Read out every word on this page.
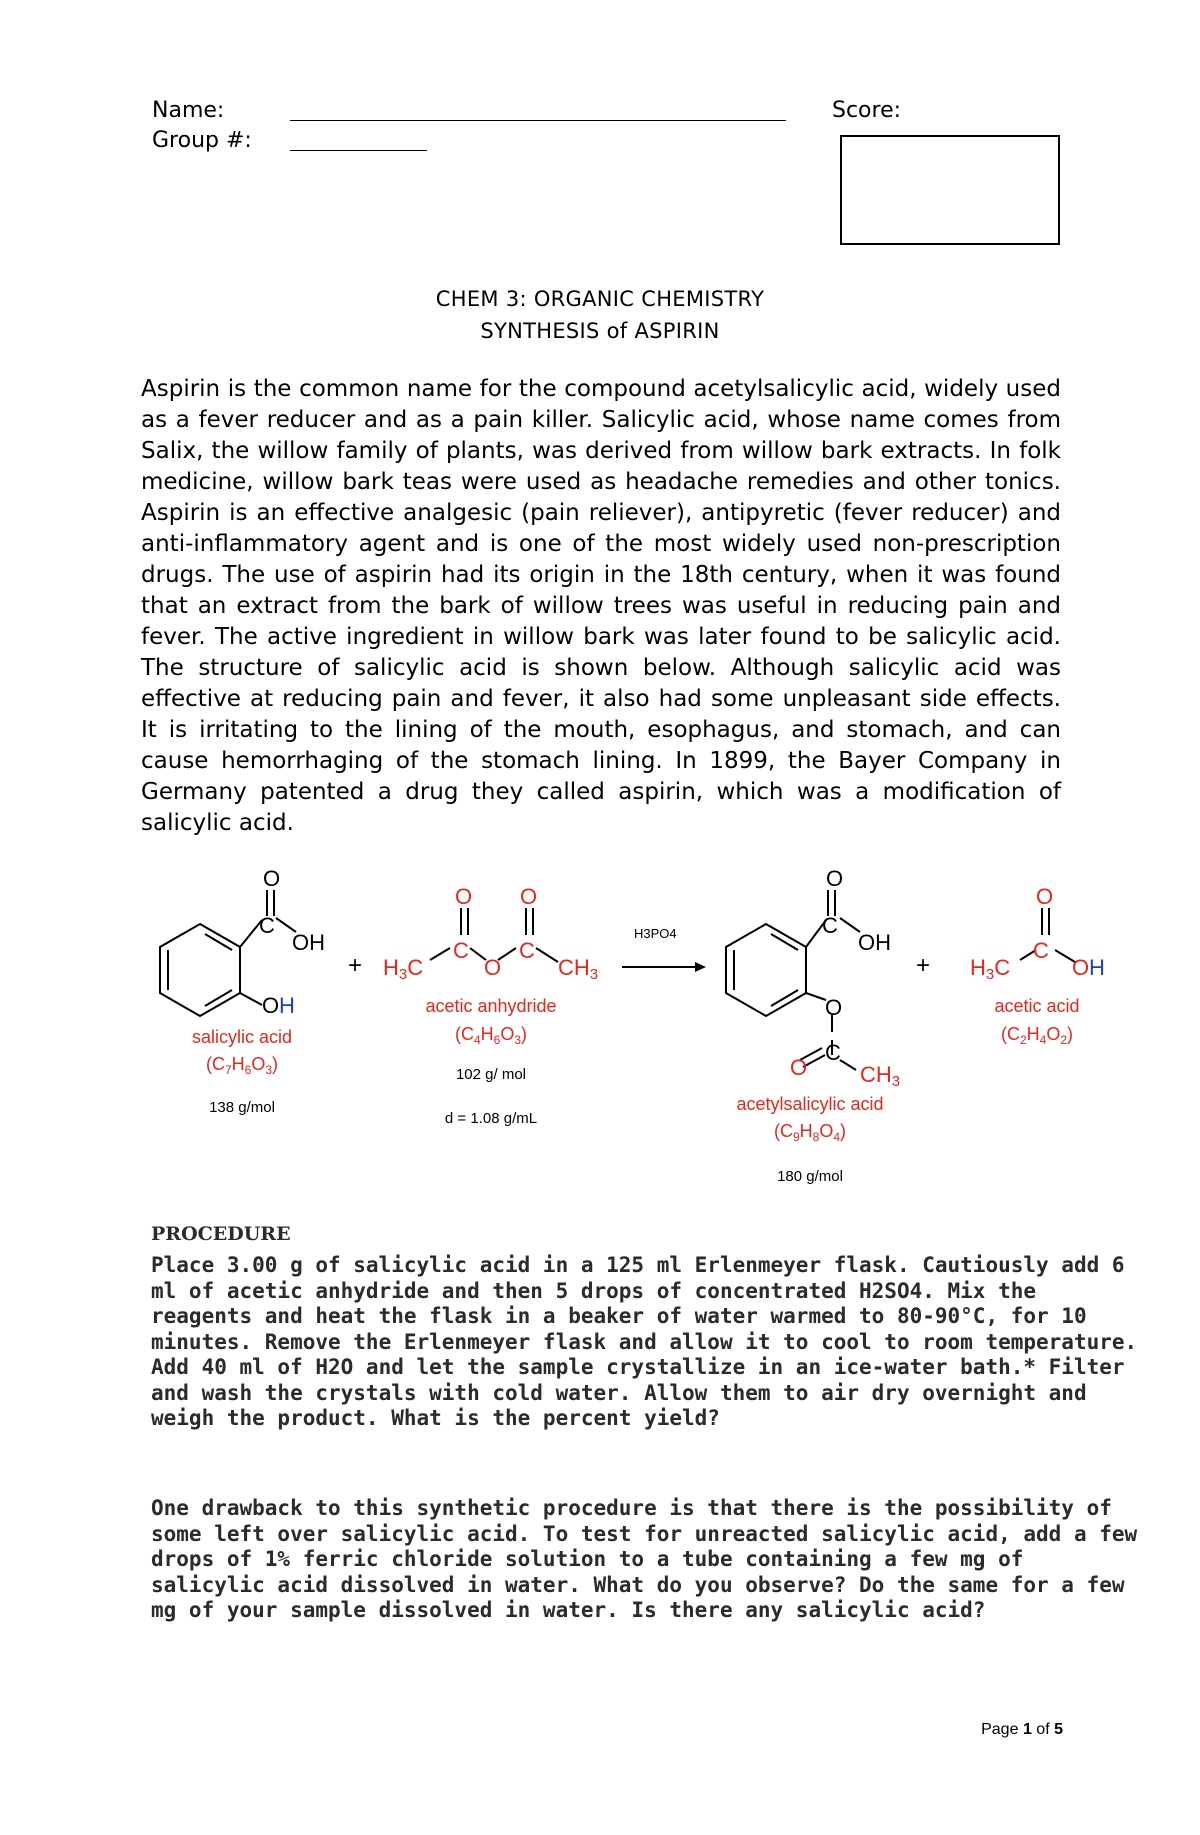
Name:
Group #:
Score:
CHEM 3: ORGANIC CHEMISTRY
SYNTHESIS of ASPIRIN
Aspirin is the common name for the compound acetylsalicylic acid, widely used as a fever reducer and as a pain killer. Salicylic acid, whose name comes from Salix, the willow family of plants, was derived from willow bark extracts. In folk medicine, willow bark teas were used as headache remedies and other tonics. Aspirin is an effective analgesic (pain reliever), antipyretic (fever reducer) and anti-inflammatory agent and is one of the most widely used non-prescription drugs. The use of aspirin had its origin in the 18th century, when it was found that an extract from the bark of willow trees was useful in reducing pain and fever. The active ingredient in willow bark was later found to be salicylic acid. The structure of salicylic acid is shown below. Although salicylic acid was effective at reducing pain and fever, it also had some unpleasant side effects. It is irritating to the lining of the mouth, esophagus, and stomach, and can cause hemorrhaging of the stomach lining. In 1899, the Bayer Company in Germany patented a drug they called aspirin, which was a modification of salicylic acid.
O
C
OH
O
C
OH
O
C
O H
+	+
O O
H3C
C
O
C
CH3
O
H3C
C
O
O CH3
H
H3PO4
salicylic acid
$(C_7H_6O_3)$
138 g/mol
acetic anhydride
$(C_4H_6O_3)$
102 g/ mol
d = 1.08 g/mL
acetylsalicylic acid
$(C_9H_8O_4)$
180 g/mol
acetic acid
$(C_2H_4O_2)$
PROCEDURE
Place 3.00 g of salicylic acid in a 125 ml Erlenmeyer flask. Cautiously add 6 ml of acetic anhydride and then 5 drops of concentrated H2SO4. Mix the reagents and heat the flask in a beaker of water warmed to 80-90°C, for 10 minutes. Remove the Erlenmeyer flask and allow it to cool to room temperature. Add 40 ml of H2O and let the sample crystallize in an ice-water bath.* Filter and wash the crystals with cold water. Allow them to air dry overnight and weigh the product. What is the percent yield?
One drawback to this synthetic procedure is that there is the possibility of some left over salicylic acid. To test for unreacted salicylic acid, add a few drops of 1% ferric chloride solution to a tube containing a few mg of salicylic acid dissolved in water. What do you observe? Do the same for a few mg of your sample dissolved in water. Is there any salicylic acid?
Page 1 of 5
